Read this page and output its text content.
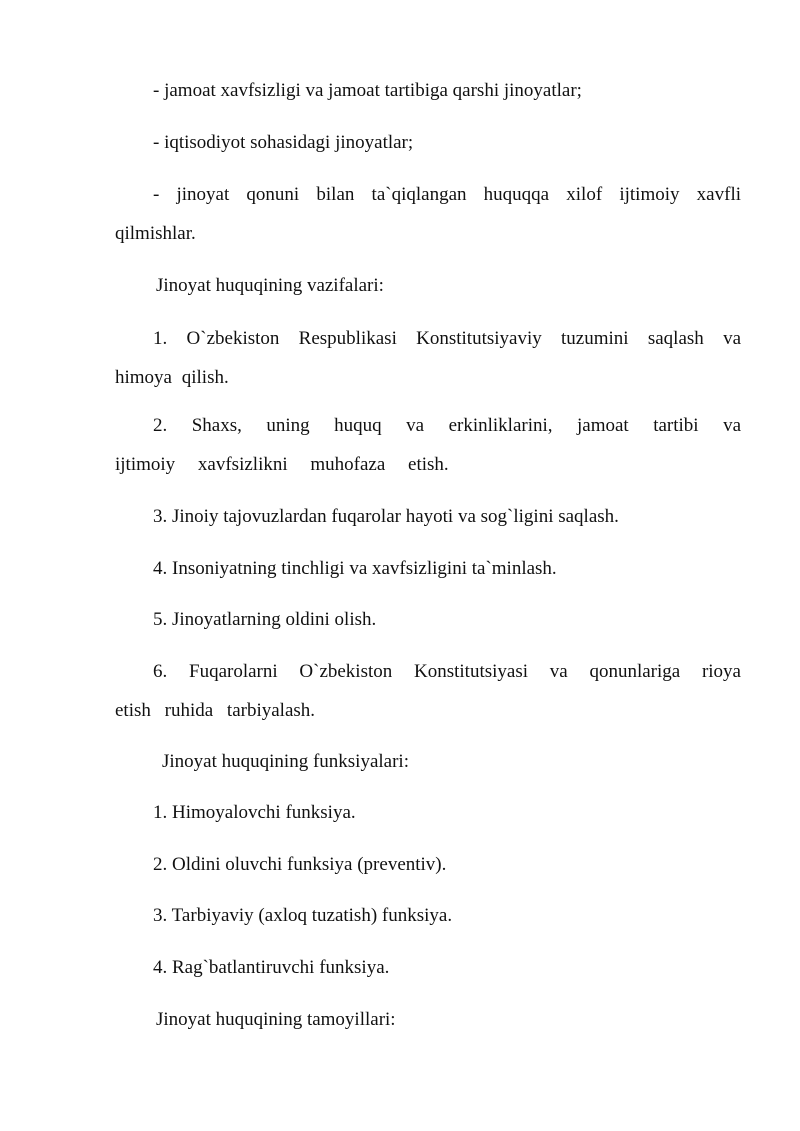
- jamoat xavfsizligi va jamoat tartibiga qarshi jinoyatlar;

- iqtisodiyot sohasidagi jinoyatlar;

- jinoyat qonuni bilan ta`qiqlangan huquqqa xilof ijtimoiy xavfli qilmishlar.

Jinoyat huquqining vazifalari:

1. O`zbekiston Respublikasi Konstitutsiyaviy tuzumini saqlash va himoya qilish.

2. Shaxs, uning huquq va erkinliklarini, jamoat tartibi va ijtimoiy xavfsizlikni muhofaza etish.

3. Jinoiy tajovuzlardan fuqarolar hayoti va sog`ligini saqlash.

4. Insoniyatning tinchligi va xavfsizligini ta`minlash.

5. Jinoyatlarning oldini olish.

6. Fuqarolarni O`zbekiston Konstitutsiyasi va qonunlariga rioya etish ruhida tarbiyalash.

Jinoyat huquqining funksiyalari:

1. Himoyalovchi funksiya.

2. Oldini oluvchi funksiya (preventiv).

3. Tarbiyaviy (axloq tuzatish) funksiya.

4. Rag`batlantiruvchi funksiya.

Jinoyat huquqining tamoyillari:
